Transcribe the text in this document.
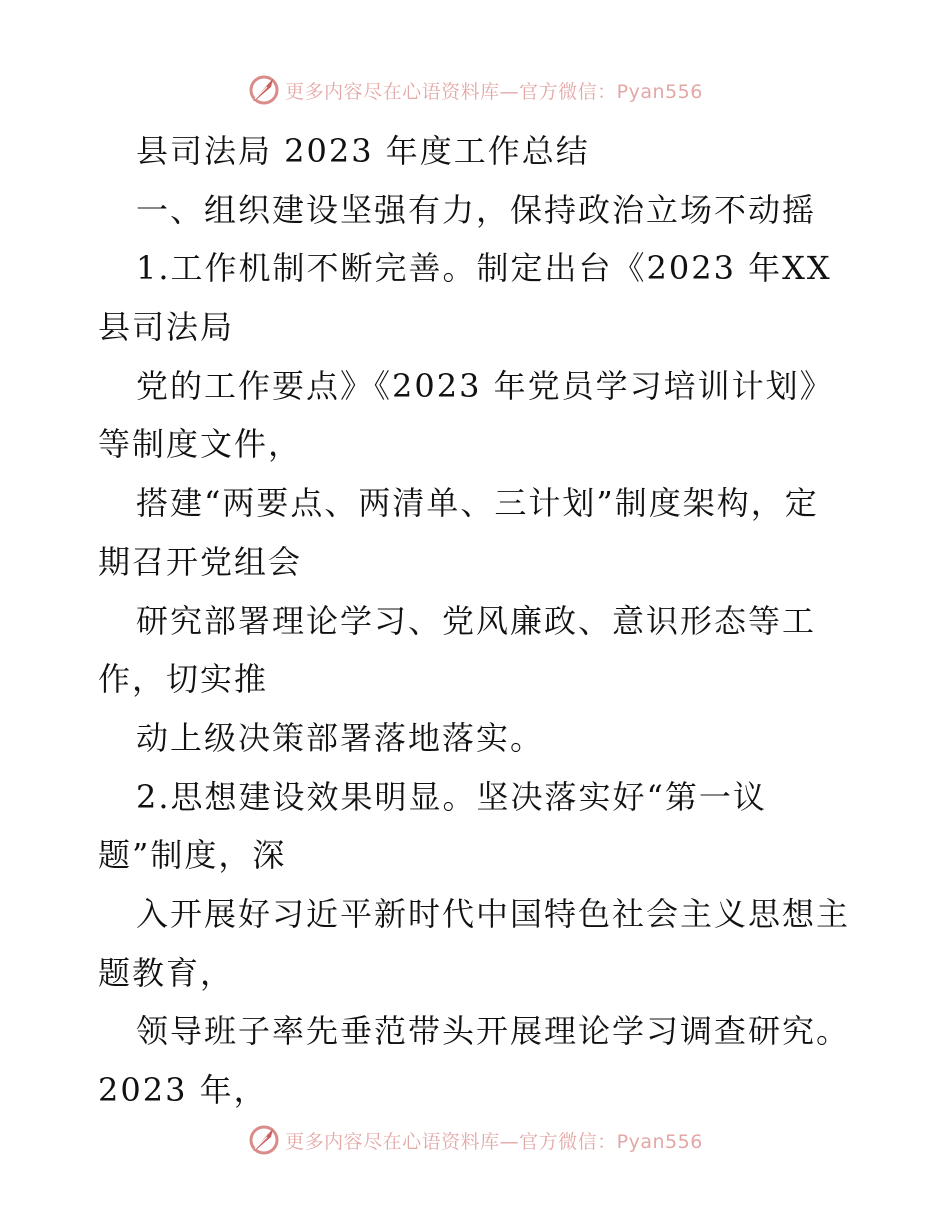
更多内容尽在心语资料库—官方微信：Pyan556
县司法局 2023 年度工作总结
一、组织建设坚强有力，保持政治立场不动摇
1.工作机制不断完善。制定出台《2023 年XX
县司法局
党的工作要点》《2023 年党员学习培训计划》
等制度文件，
搭建“两要点、两清单、三计划”制度架构，定
期召开党组会
研究部署理论学习、党风廉政、意识形态等工
作，切实推
动上级决策部署落地落实。
2.思想建设效果明显。坚决落实好“第一议
题”制度，深
入开展好习近平新时代中国特色社会主义思想主
题教育，
领导班子率先垂范带头开展理论学习调查研究。
2023 年，
更多内容尽在心语资料库—官方微信：Pyan556
